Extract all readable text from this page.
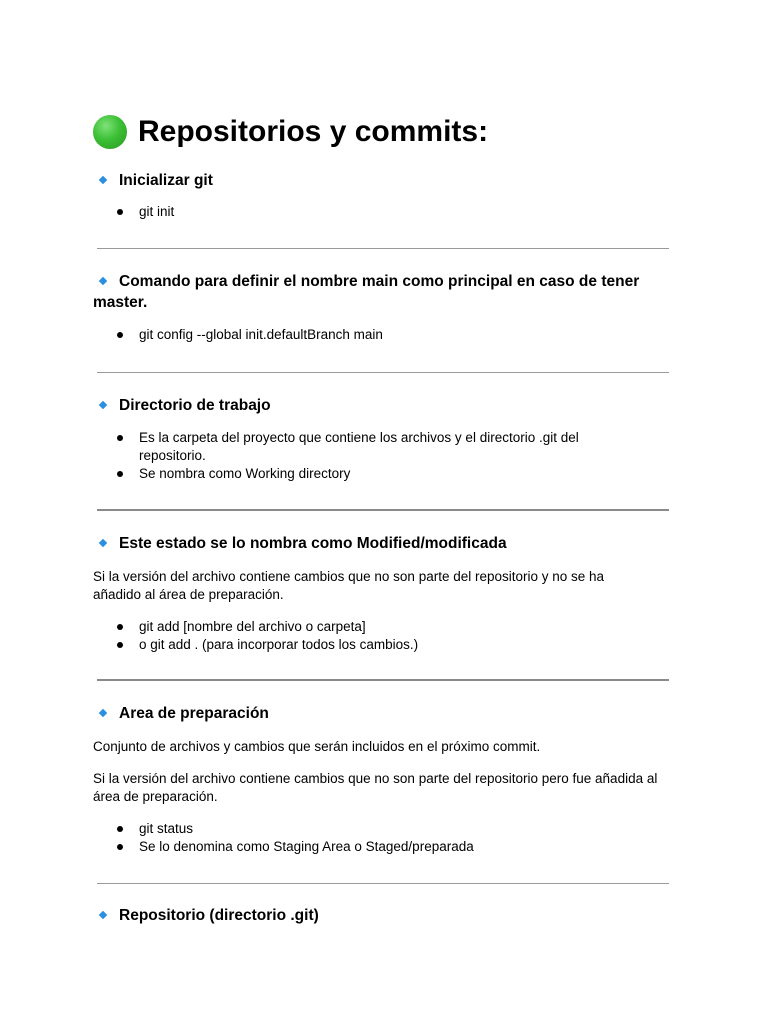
Repositorios y commits:

Inicializar git

git init

Comando para definir el nombre main como principal en caso de tener master.

git config --global init.defaultBranch main

Directorio de trabajo

Es la carpeta del proyecto que contiene los archivos y el directorio .git del repositorio.
Se nombra como Working directory

Este estado se lo nombra como Modified/modificada

Si la versión del archivo contiene cambios que no son parte del repositorio y no se ha añadido al área de preparación.

git add [nombre del archivo o carpeta]
o git add . (para incorporar todos los cambios.)

Area de preparación

Conjunto de archivos y cambios que serán incluidos en el próximo commit.

Si la versión del archivo contiene cambios que no son parte del repositorio pero fue añadida al área de preparación.

git status
Se lo denomina como Staging Area o Staged/preparada

Repositorio (directorio .git)
